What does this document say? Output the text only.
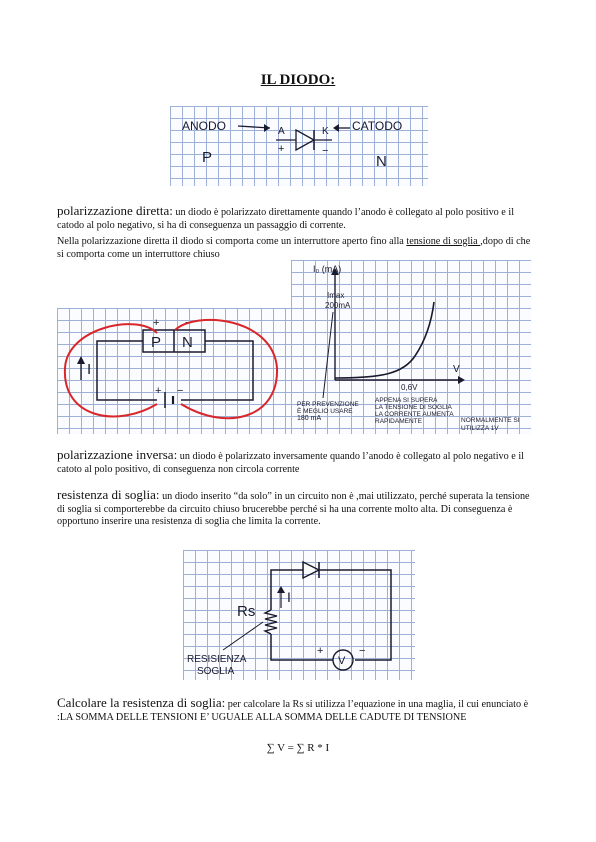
IL DIODO:
ANODO	A
+
K
−
CATODO
P	N
polarizzazione diretta: un diodo è polarizzato direttamente quando l’anodo è collegato al polo positivo e il catodo al polo negativo, si ha di conseguenza un passaggio di corrente.
Nella polarizzazione diretta il diodo si comporta come un interruttore aperto fino alla tensione di soglia ,dopo di che si comporta come un interruttore chiuso
P N
+ −
+ −
I
I₀ (mA)
V
Imax
200mA
0,6V
APPENA SI SUPERA
LA TENSIONE DI SOGLIA
LA CORRENTE AUMENTA
RAPIDAMENTE
PER PREVENZIONE
È MEGLIO USARE
180 mA	NORMALMENTE SI
UTILIZZA 1V
polarizzazione inversa: un diodo è polarizzato inversamente quando l’anodo è collegato al polo negativo e il catoto al polo positivo, di conseguenza non circola corrente
resistenza di soglia: un diodo inserito “da solo” in un circuito non è ,mai utilizzato, perché superata la tensione di soglia si comporterebbe da circuito chiuso brucerebbe perché si ha una corrente molto alta. Di conseguenza è opportuno inserire una resistenza di soglia che limita la corrente.
V
+	−
Rs
I
RESISIENZA
SOGLIA
Calcolare la resistenza di soglia: per calcolare la Rs si utilizza l’equazione in una maglia, il cui enunciato è :LA SOMMA DELLE TENSIONI E’ UGUALE ALLA SOMMA DELLE CADUTE DI TENSIONE
∑ V = ∑ R * I
